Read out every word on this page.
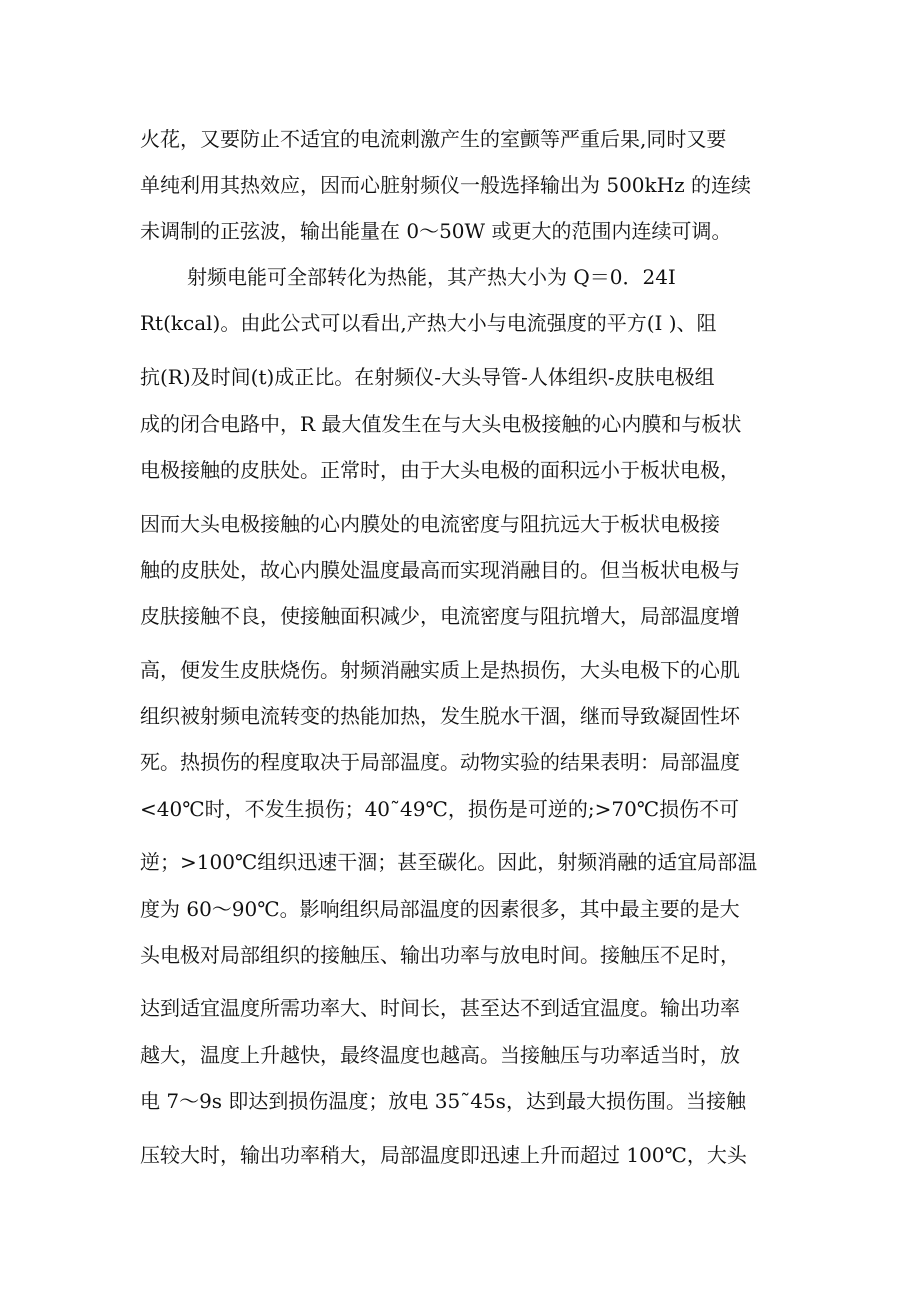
火花，又要防止不适宜的电流刺激产生的室颤等严重后果,同时又要
单纯利用其热效应，因而心脏射频仪一般选择输出为 500kHz 的连续
未调制的正弦波，输出能量在 0～50W 或更大的范围内连续可调。
射频电能可全部转化为热能，其产热大小为 Q＝0．24I
Rt(kcal)。由此公式可以看出,产热大小与电流强度的平方(I )、阻
抗(R)及时间(t)成正比。在射频仪-大头导管-人体组织-皮肤电极组
成的闭合电路中，R 最大值发生在与大头电极接触的心内膜和与板状
电极接触的皮肤处。正常时，由于大头电极的面积远小于板状电极，
因而大头电极接触的心内膜处的电流密度与阻抗远大于板状电极接
触的皮肤处，故心内膜处温度最高而实现消融目的。但当板状电极与
皮肤接触不良，使接触面积减少，电流密度与阻抗增大，局部温度增
高，便发生皮肤烧伤。射频消融实质上是热损伤，大头电极下的心肌
组织被射频电流转变的热能加热，发生脱水干涸，继而导致凝固性坏
死。热损伤的程度取决于局部温度。动物实验的结果表明：局部温度
<40℃时，不发生损伤；40˜49℃，损伤是可逆的;>70℃损伤不可
逆；>100℃组织迅速干涸；甚至碳化。因此，射频消融的适宜局部温
度为 60～90℃。影响组织局部温度的因素很多，其中最主要的是大
头电极对局部组织的接触压、输出功率与放电时间。接触压不足时，
达到适宜温度所需功率大、时间长，甚至达不到适宜温度。输出功率
越大，温度上升越快，最终温度也越高。当接触压与功率适当时，放
电 7～9s 即达到损伤温度；放电 35˜45s，达到最大损伤围。当接触
压较大时，输出功率稍大，局部温度即迅速上升而超过 100℃，大头
